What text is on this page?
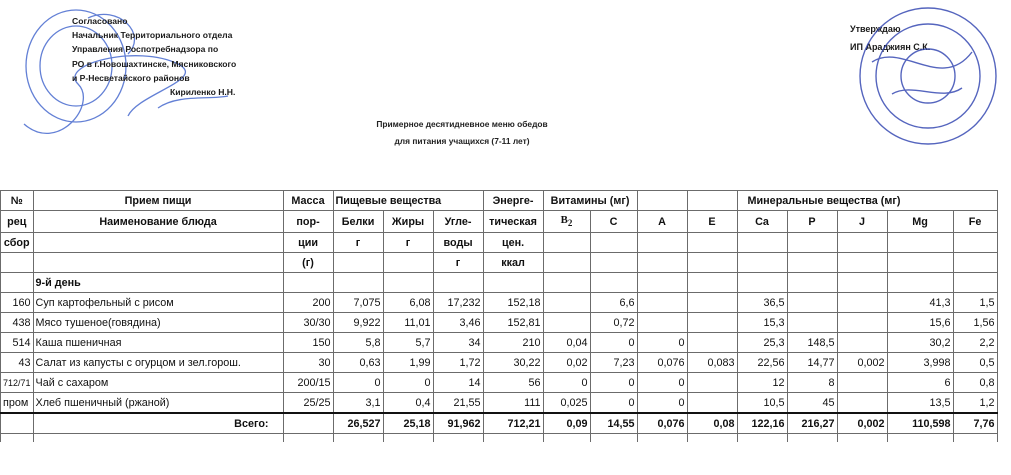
Согласовано
Начальник Территориального отдела
Управления Роспотребнадзора по
РО в г.Новошахтинске, Мясниковского
и Р-Несветайского районов
Кириленко Н.Н.
Утверждаю
ИП Араджиян С.К.
Примерное десятидневное меню обедов
для питания учащихся (7-11 лет)
№	Прием пищи	Масса	Пищевые вещества			Энерге-	Витамины (мг)				Минеральные вещества (мг)				
рец	Наименование блюда	пор-	Белки	Жиры	Угле-	тическая	$B_2$	C	A	E	Ca	P	J	Mg	Fe
сбор		ции	г	г	воды	цен.									
		(г)			г	ккал									
	9-й день														
160	Суп картофельный с рисом	200	7,075	6,08	17,232	152,18		6,6			36,5			41,3	1,5
438	Мясо тушеное(говядина)	30/30	9,922	11,01	3,46	152,81		0,72			15,3			15,6	1,56
514	Каша пшеничная	150	5,8	5,7	34	210	0,04	0	0		25,3	148,5		30,2	2,2
43	Салат из капусты с огурцом и зел.горош.	30	0,63	1,99	1,72	30,22	0,02	7,23	0,076	0,083	22,56	14,77	0,002	3,998	0,5
712/71	Чай с сахаром	200/15	0	0	14	56	0	0	0		12	8		6	0,8
пром	Хлеб пшеничный (ржаной)	25/25	3,1	0,4	21,55	111	0,025	0	0		10,5	45		13,5	1,2
	Всего:		26,527	25,18	91,962	712,21	0,09	14,55	0,076	0,08	122,16	216,27	0,002	110,598	7,76
